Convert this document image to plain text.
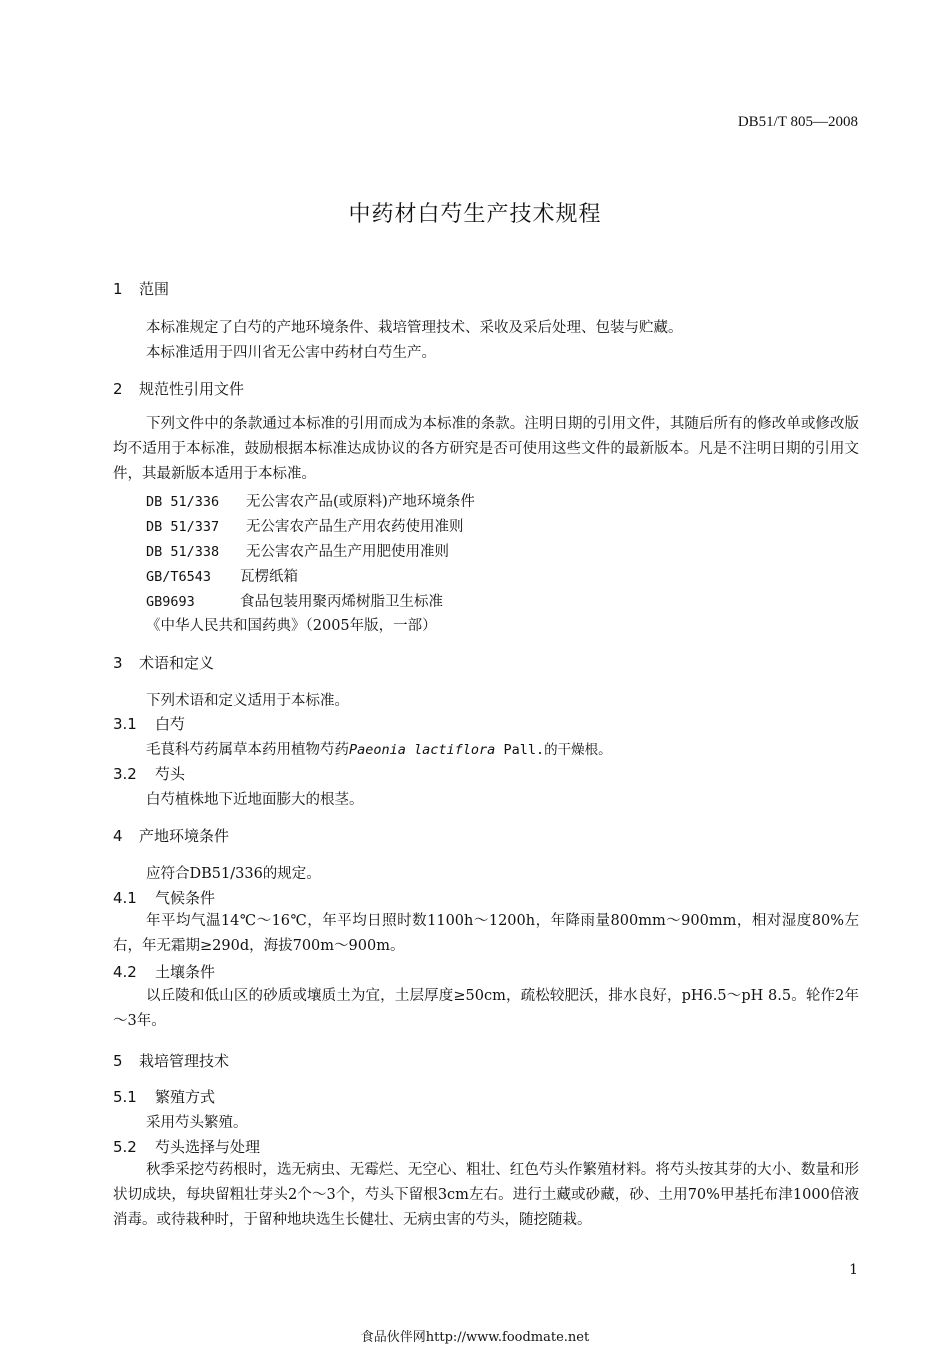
DB51/T 805—2008
中药材白芍生产技术规程
1 范围
本标准规定了白芍的产地环境条件、栽培管理技术、采收及采后处理、包装与贮藏。
本标准适用于四川省无公害中药材白芍生产。
2 规范性引用文件
下列文件中的条款通过本标准的引用而成为本标准的条款。注明日期的引用文件，其随后所有的修改单或修改版均不适用于本标准，鼓励根据本标准达成协议的各方研究是否可使用这些文件的最新版本。凡是不注明日期的引用文件，其最新版本适用于本标准。
DB 51/336 无公害农产品(或原料)产地环境条件
DB 51/337 无公害农产品生产用农药使用准则
DB 51/338 无公害农产品生产用肥使用准则
GB/T6543 瓦楞纸箱
GB9693	食品包装用聚丙烯树脂卫生标准
《中华人民共和国药典》（2005年版，一部）
3 术语和定义
下列术语和定义适用于本标准。
3.1 白芍
毛茛科芍药属草本药用植物芍药Paeonia lactiflora Pall.的干燥根。
3.2 芍头
白芍植株地下近地面膨大的根茎。
4 产地环境条件
应符合DB51/336的规定。
4.1 气候条件
年平均气温14℃～16℃，年平均日照时数1100h～1200h，年降雨量800mm～900mm，相对湿度80%左右，年无霜期≥290d，海拔700m～900m。
4.2 土壤条件
以丘陵和低山区的砂质或壤质土为宜，土层厚度≥50cm，疏松较肥沃，排水良好，pH6.5～pH 8.5。轮作2年～3年。
5 栽培管理技术
5.1 繁殖方式
采用芍头繁殖。
5.2 芍头选择与处理
秋季采挖芍药根时，选无病虫、无霉烂、无空心、粗壮、红色芍头作繁殖材料。将芍头按其芽的大小、数量和形状切成块，每块留粗壮芽头2个～3个，芍头下留根3cm左右。进行土藏或砂藏，砂、土用70%甲基托布津1000倍液消毒。或待栽种时，于留种地块选生长健壮、无病虫害的芍头，随挖随栽。
1
食品伙伴网http://www.foodmate.net
